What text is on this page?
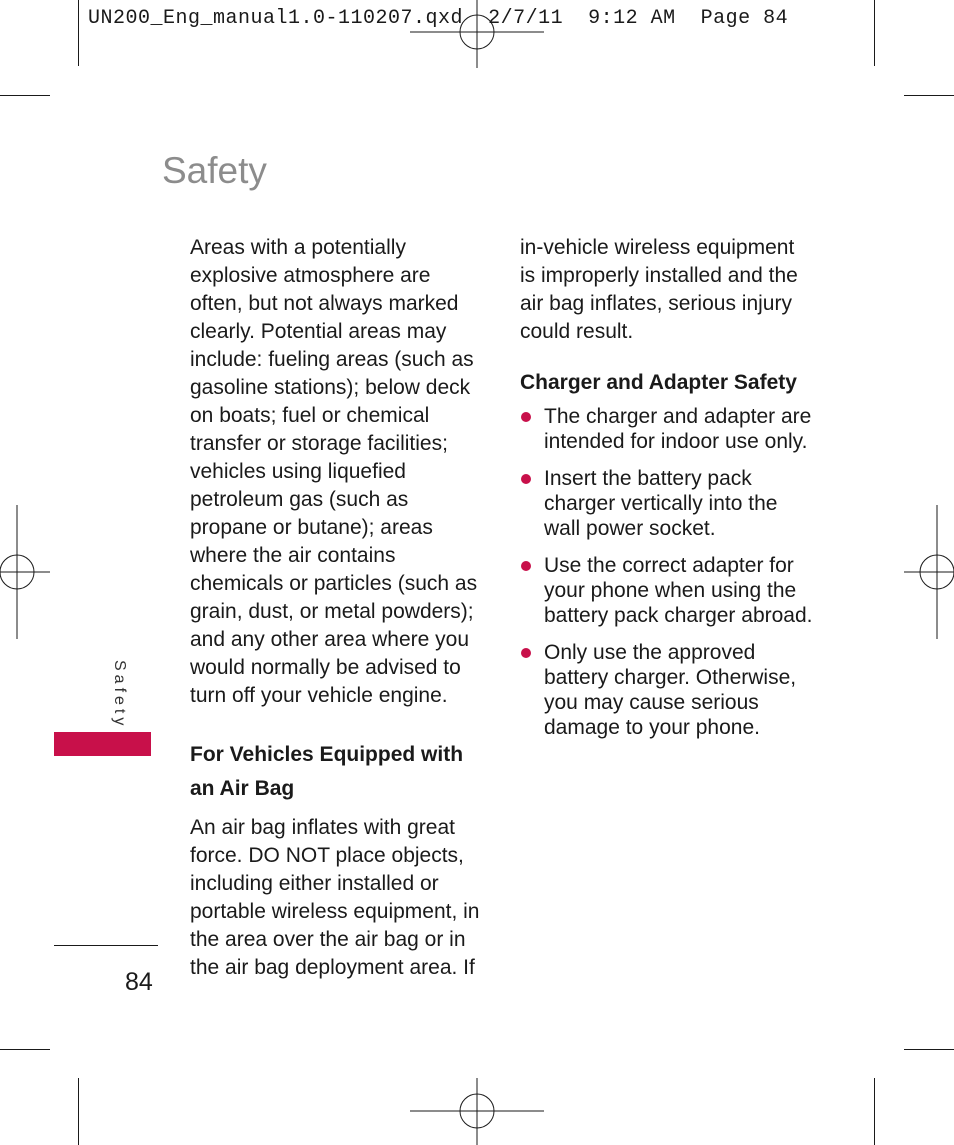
UN200_Eng_manual1.0-110207.qxd  2/7/11  9:12 AM  Page 84
Safety

Areas with a potentially explosive atmosphere are often, but not always marked clearly. Potential areas may include: fueling areas (such as gasoline stations); below deck on boats; fuel or chemical transfer or storage facilities; vehicles using liquefied petroleum gas (such as propane or butane); areas where the air contains chemicals or particles (such as grain, dust, or metal powders); and any other area where you would normally be advised to turn off your vehicle engine.

For Vehicles Equipped with an Air Bag

An air bag inflates with great force. DO NOT place objects, including either installed or portable wireless equipment, in the area over the air bag or in the air bag deployment area. If

in-vehicle wireless equipment is improperly installed and the air bag inflates, serious injury could result.

Charger and Adapter Safety

The charger and adapter are intended for indoor use only.
Insert the battery pack charger vertically into the wall power socket.
Use the correct adapter for your phone when using the battery pack charger abroad.
Only use the approved battery charger. Otherwise, you may cause serious damage to your phone.
Safety
84
